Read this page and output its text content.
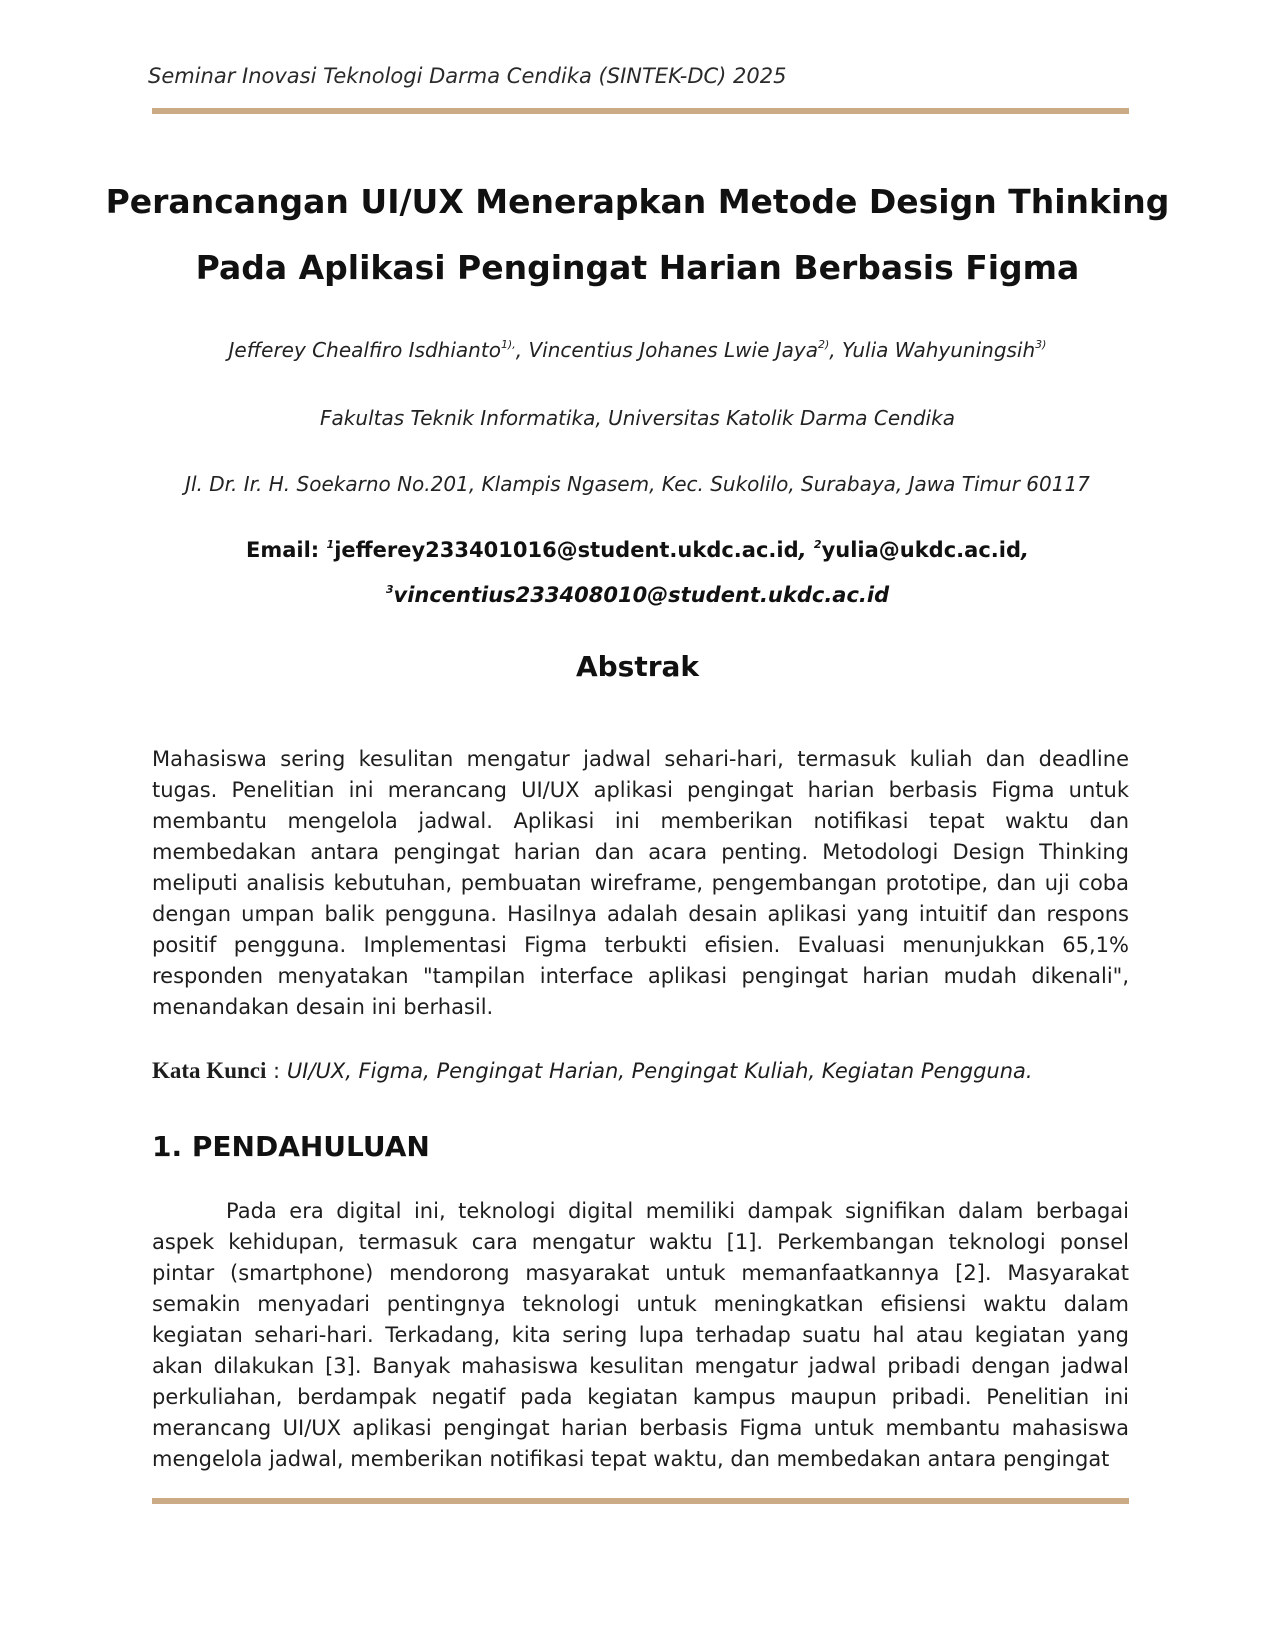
Seminar Inovasi Teknologi Darma Cendika (SINTEK-DC) 2025
Perancangan UI/UX Menerapkan Metode Design Thinking
Pada Aplikasi Pengingat Harian Berbasis Figma
Jefferey Chealfiro Isdhianto$^{1),}$, Vincentius Johanes Lwie Jaya$^{2)}$, Yulia Wahyuningsih$^{3)}$
Fakultas Teknik Informatika, Universitas Katolik Darma Cendika
Jl. Dr. Ir. H. Soekarno No.201, Klampis Ngasem, Kec. Sukolilo, Surabaya, Jawa Timur 60117
Email: $^1$jefferey233401016@student.ukdc.ac.id, $^2$yulia@ukdc.ac.id,
$^3$vincentius233408010@student.ukdc.ac.id
Abstrak
Mahasiswa sering kesulitan mengatur jadwal sehari-hari, termasuk kuliah dan deadline tugas. Penelitian ini merancang UI/UX aplikasi pengingat harian berbasis Figma untuk membantu mengelola jadwal. Aplikasi ini memberikan notifikasi tepat waktu dan membedakan antara pengingat harian dan acara penting. Metodologi Design Thinking meliputi analisis kebutuhan, pembuatan wireframe, pengembangan prototipe, dan uji coba dengan umpan balik pengguna. Hasilnya adalah desain aplikasi yang intuitif dan respons positif pengguna. Implementasi Figma terbukti efisien. Evaluasi menunjukkan 65,1% responden menyatakan "tampilan interface aplikasi pengingat harian mudah dikenali", menandakan desain ini berhasil.
Kata Kunci : UI/UX, Figma, Pengingat Harian, Pengingat Kuliah, Kegiatan Pengguna.
1. PENDAHULUAN
Pada era digital ini, teknologi digital memiliki dampak signifikan dalam berbagai aspek kehidupan, termasuk cara mengatur waktu [1]. Perkembangan teknologi ponsel pintar (smartphone) mendorong masyarakat untuk memanfaatkannya [2]. Masyarakat semakin menyadari pentingnya teknologi untuk meningkatkan efisiensi waktu dalam kegiatan sehari-hari. Terkadang, kita sering lupa terhadap suatu hal atau kegiatan yang akan dilakukan [3]. Banyak mahasiswa kesulitan mengatur jadwal pribadi dengan jadwal perkuliahan, berdampak negatif pada kegiatan kampus maupun pribadi. Penelitian ini merancang UI/UX aplikasi pengingat harian berbasis Figma untuk membantu mahasiswa mengelola jadwal, memberikan notifikasi tepat waktu, dan membedakan antara pengingat
